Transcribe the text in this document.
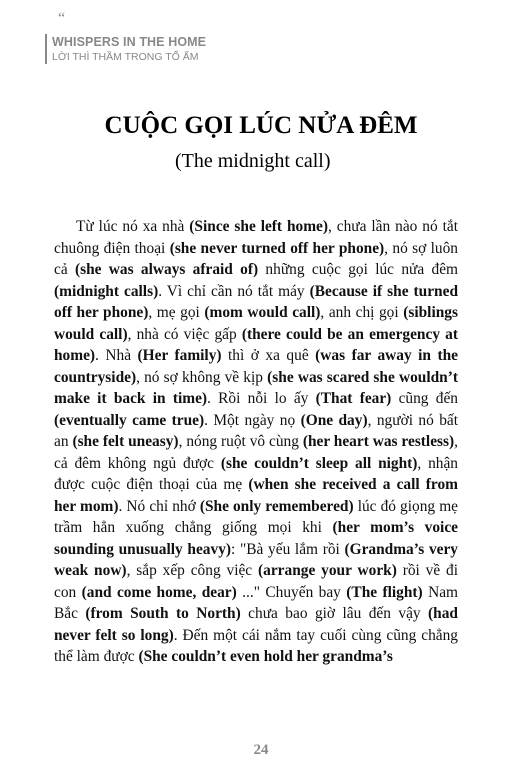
“
WHISPERS IN THE HOME
LỜI THÌ THẦM TRONG TỔ ẤM
CUỘC GỌI LÚC NỬA ĐÊM
(The midnight call)
Từ lúc nó xa nhà (Since she left home), chưa lần nào nó tắt chuông điện thoại (she never turned off her phone), nó sợ luôn cả (she was always afraid of) những cuộc gọi lúc nửa đêm (midnight calls). Vì chỉ cần nó tắt máy (Because if she turned off her phone), mẹ gọi (mom would call), anh chị gọi (siblings would call), nhà có việc gấp (there could be an emergency at home). Nhà (Her family) thì ở xa quê (was far away in the countryside), nó sợ không về kịp (she was scared she wouldn’t make it back in time). Rồi nỗi lo ấy (That fear) cũng đến (eventually came true). Một ngày nọ (One day), người nó bất an (she felt uneasy), nóng ruột vô cùng (her heart was restless), cả đêm không ngủ được (she couldn’t sleep all night), nhận được cuộc điện thoại của mẹ (when she received a call from her mom). Nó chỉ nhớ (She only remembered) lúc đó giọng mẹ trầm hẳn xuống chẳng giống mọi khi (her mom’s voice sounding unusually heavy): "Bà yếu lắm rồi (Grandma’s very weak now), sắp xếp công việc (arrange your work) rồi về đi con (and come home, dear) ..." Chuyến bay (The flight) Nam Bắc (from South to North) chưa bao giờ lâu đến vậy (had never felt so long). Đến một cái nắm tay cuối cùng cũng chẳng thể làm được (She couldn’t even hold her grandma’s
24
